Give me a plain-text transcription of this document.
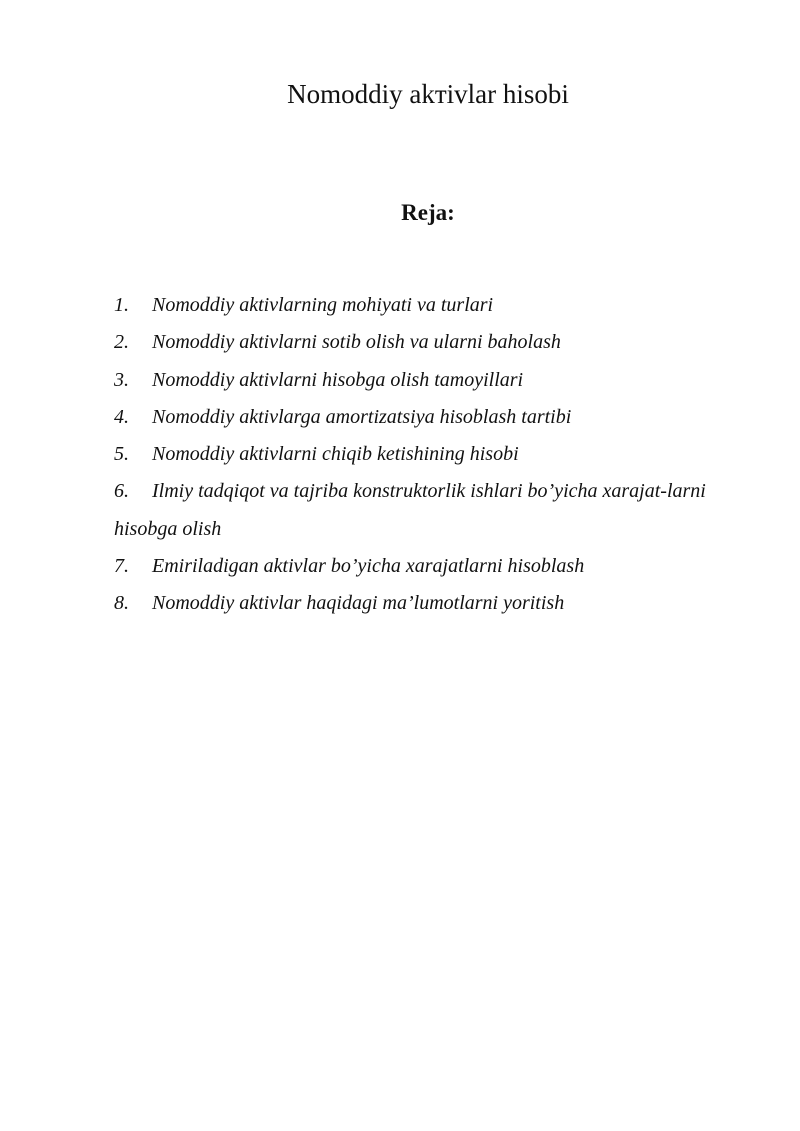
Nomoddiy akтivlar hisobi
Reja:
1. Nomoddiy aktivlarning mohiyati va turlari
2. Nomoddiy aktivlarni sotib olish va ularni baholash
3. Nomoddiy aktivlarni hisobga olish tamoyillari
4. Nomoddiy aktivlarga amortizatsiya hisoblash tartibi
5. Nomoddiy aktivlarni chiqib ketishining hisobi
6. Ilmiy tadqiqot va tajriba konstruktorlik ishlari bo’yicha xarajat-larni hisobga olish
7. Emiriladigan aktivlar bo’yicha xarajatlarni hisoblash
8. Nomoddiy aktivlar haqidagi ma’lumotlarni yoritish
